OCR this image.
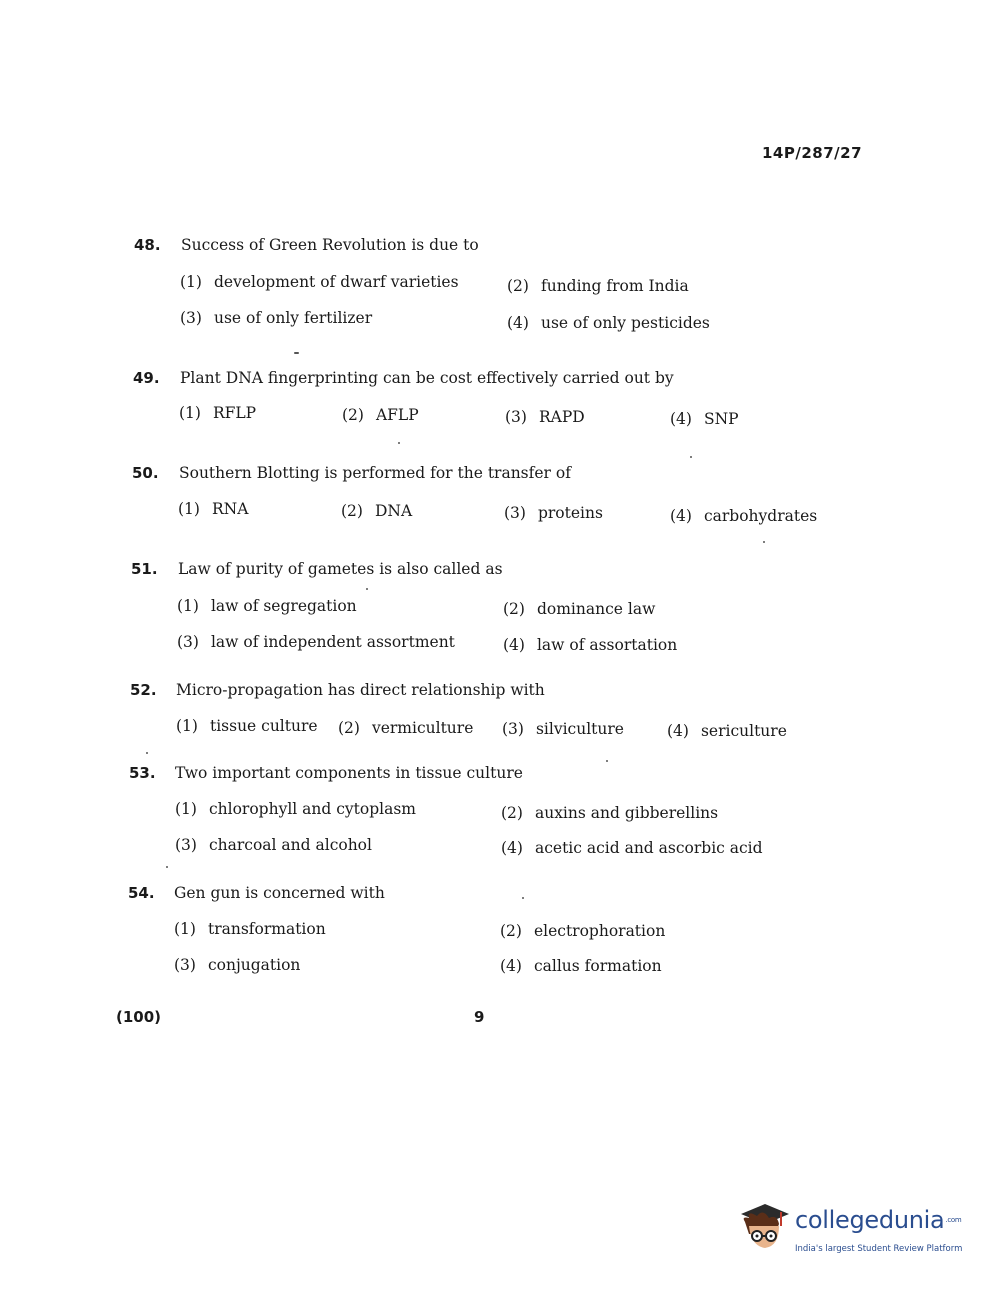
14P/287/27
48. Success of Green Revolution is due to
(1) development of dwarf varieties	(2) funding from India
(3) use of only fertilizer	(4) use of only pesticides
49. Plant DNA fingerprinting can be cost effectively carried out by
(1) RFLP	(2) AFLP	(3) RAPD	(4) SNP
50. Southern Blotting is performed for the transfer of
(1) RNA	(2) DNA	(3) proteins	(4) carbohydrates
51. Law of purity of gametes is also called as
(1) law of segregation	(2) dominance law
(3) law of independent assortment	(4) law of assortation
52. Micro-propagation has direct relationship with
(1) tissue culture (2) vermiculture (3) silviculture	(4) sericulture
53. Two important components in tissue culture
(1) chlorophyll and cytoplasm	(2) auxins and gibberellins
(3) charcoal and alcohol	(4) acetic acid and ascorbic acid
54. Gen gun is concerned with
(1) transformation	(2) electrophoration
(3) conjugation	(4) callus formation
(100)	9
collegedunia$^{.com}$
India's largest Student Review Platform
